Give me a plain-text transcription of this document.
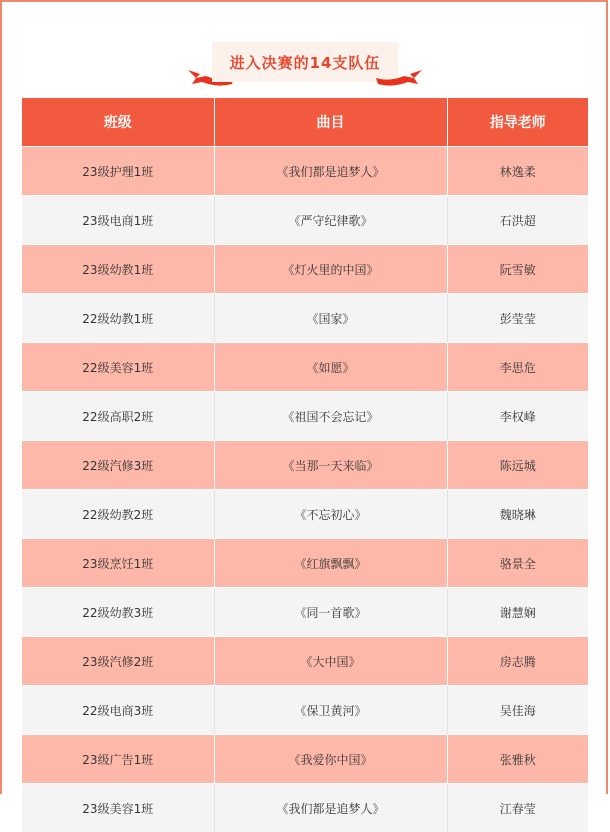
进入决赛的14支队伍
班级	曲目	指导老师
23级护理1班	《我们都是追梦人》	林逸柔
23级电商1班	《严守纪律歌》	石洪超
23级幼教1班	《灯火里的中国》	阮雪敏
22级幼教1班	《国家》	彭莹莹
22级美容1班	《如愿》	李思危
22级高职2班	《祖国不会忘记》	李权峰
22级汽修3班	《当那一天来临》	陈远城
22级幼教2班	《不忘初心》	魏晓琳
23级烹饪1班	《红旗飘飘》	骆景全
22级幼教3班	《同一首歌》	谢慧娴
23级汽修2班	《大中国》	房志腾
22级电商3班	《保卫黄河》	吴佳海
23级广告1班	《我爱你中国》	张雅秋
23级美容1班	《我们都是追梦人》	江春莹
